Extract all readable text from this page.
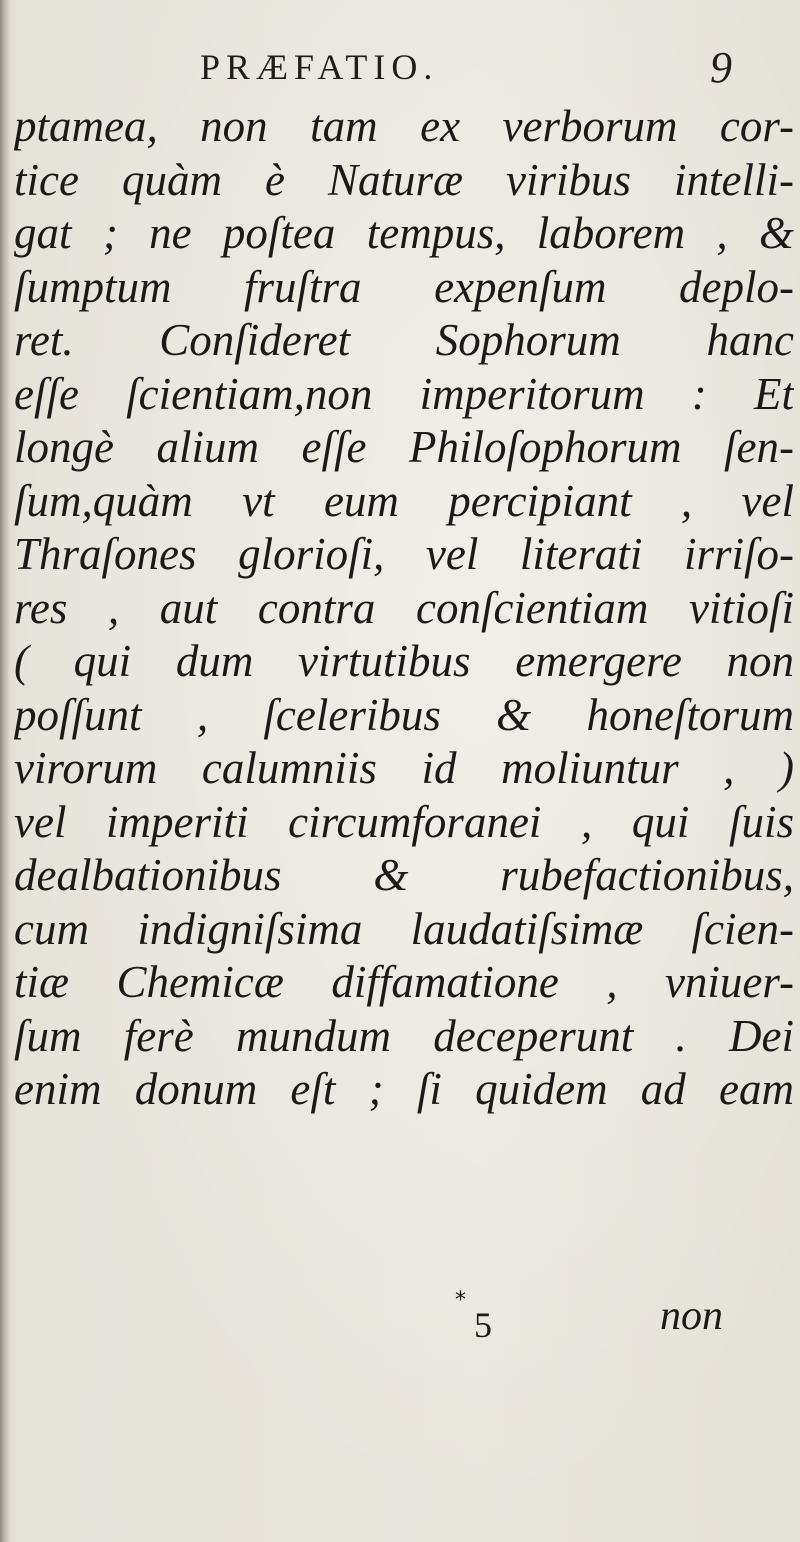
PRÆFATIO.	9
ptamea, non tam ex verborum cor-
tice quàm è Naturæ viribus intelli-
gat ; ne poſtea tempus, laborem , &
ſumptum fruſtra expenſum deplo-
ret. Conſideret Sophorum hanc
eſſe ſcientiam,non imperitorum : Et
longè alium eſſe Philoſophorum ſen-
ſum,quàm vt eum percipiant , vel
Thraſones glorioſi, vel literati irriſo-
res , aut contra conſcientiam vitioſi
( qui dum virtutibus emergere non
poſſunt , ſceleribus & honeſtorum
virorum calumniis id moliuntur , )
vel imperiti circumforanei , qui ſuis
dealbationibus & rubefactionibus,
cum indigniſsima laudatiſsimæ ſcien-
tiæ Chemicæ diffamatione , vniuer-
ſum ferè mundum deceperunt . Dei
enim donum eſt ; ſi quidem ad eam
*
5	non
